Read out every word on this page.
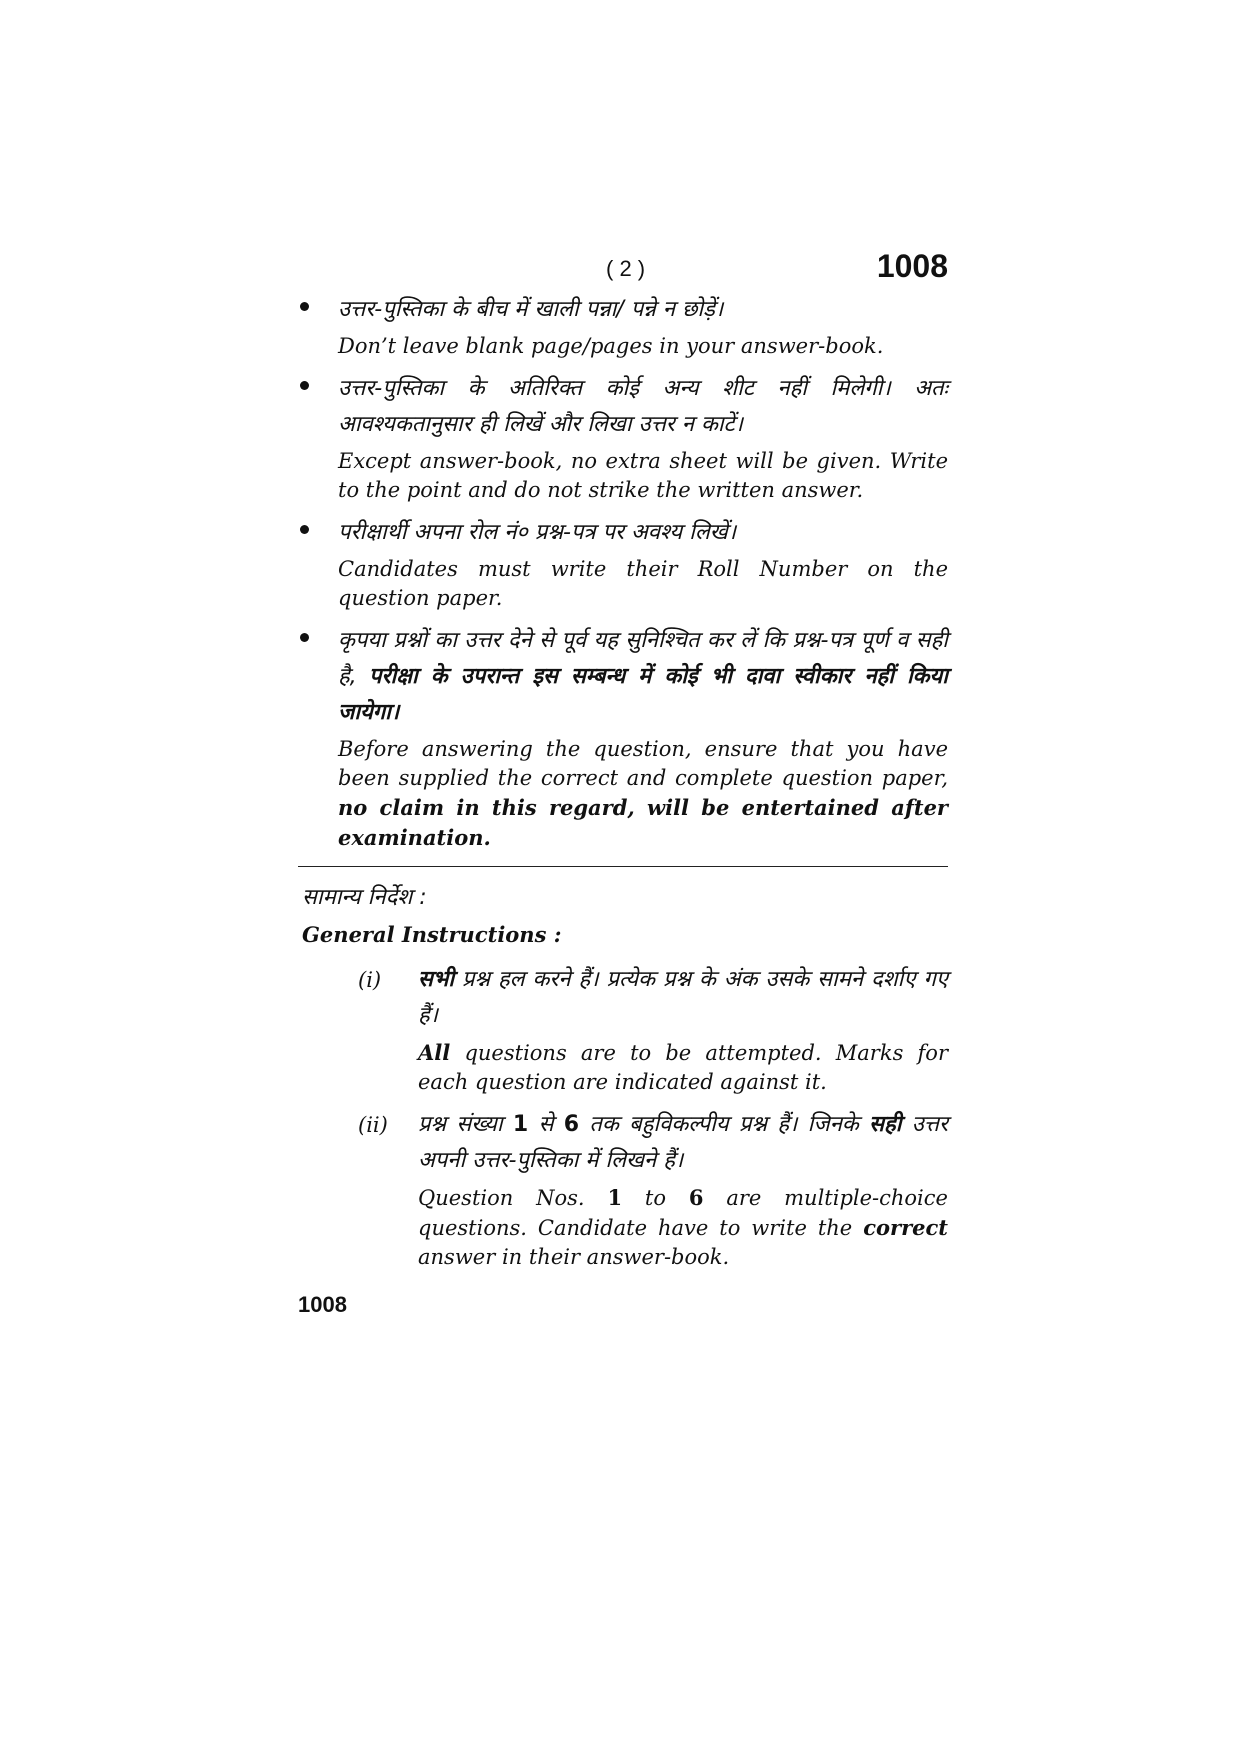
( 2 )	1008
उत्तर-पुस्तिका के बीच में खाली पन्ना/ पन्ने न छोड़ें।
Don’t leave blank page/pages in your answer-book.
उत्तर-पुस्तिका के अतिरिक्त कोई अन्य शीट नहीं मिलेगी। अतः आवश्यकतानुसार ही लिखें और लिखा उत्तर न काटें।
Except answer-book, no extra sheet will be given. Write to the point and do not strike the written answer.
परीक्षार्थी अपना रोल नं० प्रश्न-पत्र पर अवश्य लिखें।
Candidates must write their Roll Number on the question paper.
कृपया प्रश्नों का उत्तर देने से पूर्व यह सुनिश्चित कर लें कि प्रश्न-पत्र पूर्ण व सही है, परीक्षा के उपरान्त इस सम्बन्ध में कोई भी दावा स्वीकार नहीं किया जायेगा।
Before answering the question, ensure that you have been supplied the correct and complete question paper, no claim in this regard, will be entertained after examination.
सामान्य निर्देश :
General Instructions :
(i) सभी प्रश्न हल करने हैं। प्रत्येक प्रश्न के अंक उसके सामने दर्शाए गए हैं।
All questions are to be attempted. Marks for each question are indicated against it.
(ii) प्रश्न संख्या 1 से 6 तक बहुविकल्पीय प्रश्न हैं। जिनके सही उत्तर अपनी उत्तर-पुस्तिका में लिखने हैं।
Question Nos. 1 to 6 are multiple-choice questions. Candidate have to write the correct answer in their answer-book.
1008
